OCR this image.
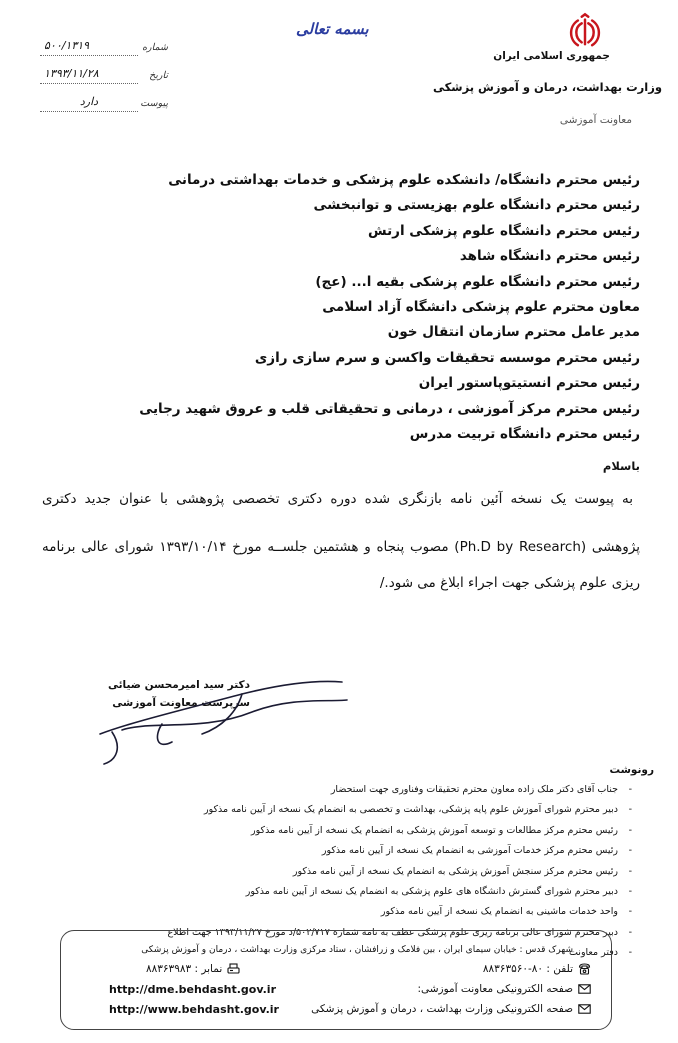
جمهوری اسلامی ایران
وزارت بهداشت، درمان و آموزش پزشکی
معاونت آموزشی
بسمه تعالی
شماره
۵۰۰/۱۳۱۹
تاریخ
۱۳۹۳/۱۱/۲۸
پیوست
دارد
رئیس محترم دانشگاه/ دانشکده علوم پزشکی و خدمات بهداشتی درمانی
رئیس محترم دانشگاه علوم بهزیستی و توانبخشی
رئیس محترم دانشگاه علوم پزشکی ارتش
رئیس محترم دانشگاه شاهد
رئیس محترم دانشگاه علوم پزشکی بقیه ا... (عج)
معاون محترم علوم پزشکی دانشگاه آزاد اسلامی
مدیر عامل محترم سازمان انتقال خون
رئیس محترم موسسه تحقیقات واکسن و سرم سازی رازی
رئیس محترم انستیتوپاستور ایران
رئیس محترم مرکز آموزشی ، درمانی و تحقیقاتی قلب و عروق شهید رجایی
رئیس محترم دانشگاه تربیت مدرس
باسلام
به پیوست یک نسخه آئین نامه بازنگری شده دوره دکتری تخصصی پژوهشی با عنوان جدید دکتری
پژوهشی (Ph.D by Research) مصوب پنجاه و هشتمین جلســه مورخ ۱۳۹۳/۱۰/۱۴ شورای عالی برنامه
ریزی علوم پزشکی جهت اجراء ابلاغ می شود./
دکتر سید امیرمحسن ضیائی
سرپرست معاونت آموزشی
رونوشت
- جناب آقای دکتر ملک زاده معاون محترم تحقیقات وفناوری جهت استحضار
- دبیر محترم شورای آموزش علوم پایه پزشکی، بهداشت و تخصصی به انضمام یک نسخه از آیین نامه مذکور
- رئیس محترم مرکز مطالعات و توسعه آموزش پزشکی به انضمام یک نسخه از آیین نامه مذکور
- رئیس محترم مرکز خدمات آموزشی به انضمام یک نسخه از آیین نامه مذکور
- رئیس محترم مرکز سنجش آموزش پزشکی به انضمام یک نسخه از آیین نامه مذکور
- دبیر محترم شورای گسترش دانشگاه های علوم پزشکی به انضمام یک نسخه از آیین نامه مذکور
- واحد خدمات ماشینی به انضمام یک نسخه از آیین نامه مذکور
- دبیر محترم شورای عالی برنامه ریزی علوم پزشکی عطف به نامه شماره ۵۰۲/۷۱۷/د مورخ ۱۳۹۳/۱۱/۲۷ جهت اطلاع
- دفتر معاونت
شهرک قدس : خیابان سیمای ایران ، بین فلامک و زرافشان ، ستاد مرکزی وزارت بهداشت ، درمان و آموزش پزشکی
تلفن :

۸۸۳۶۳۵۶۰-۸۰
نمابر :

۸۸۳۶۳۹۸۳
صفحه الکترونیکی معاونت آموزشی:
http://dme.behdasht.gov.ir
صفحه الکترونیکی وزارت بهداشت ، درمان و آموزش پزشکی
http://www.behdasht.gov.ir
